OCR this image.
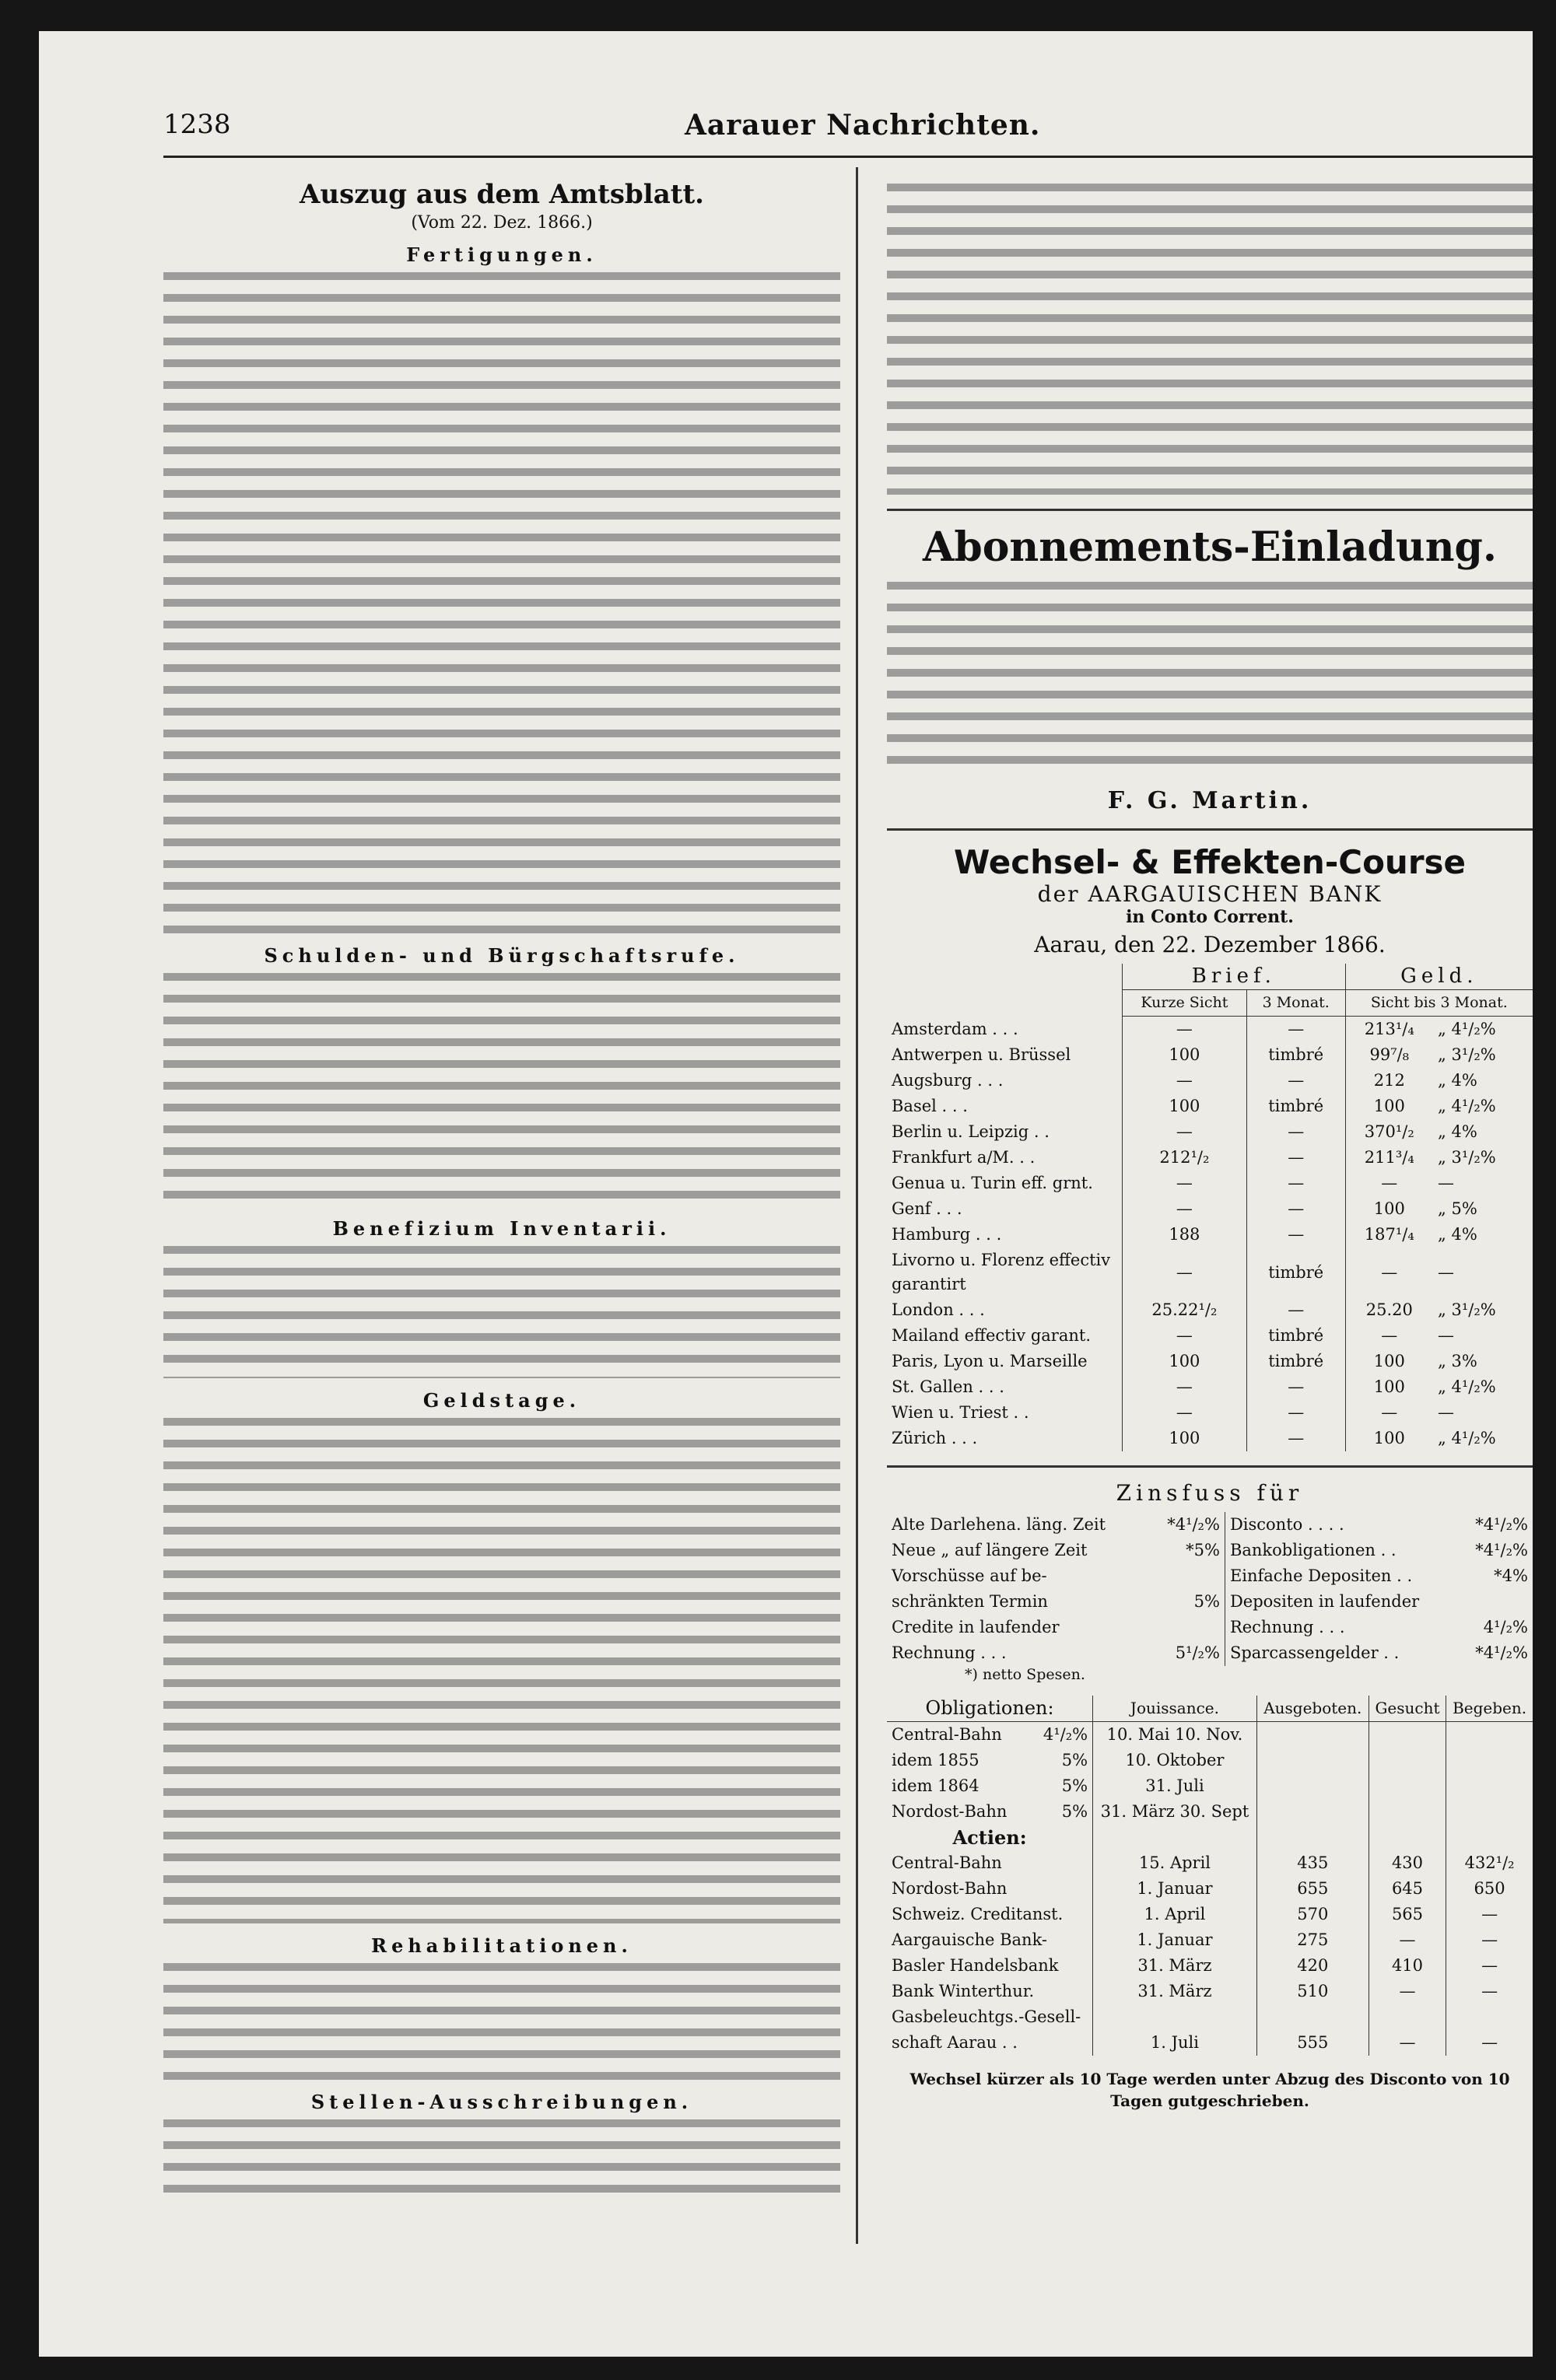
1238	Aarauer Nachrichten.
Auszug aus dem Amtsblatt.
(Vom 22. Dez. 1866.)
Fertigungen.
Schulden- und Bürgschaftsrufe.
Benefizium Inventarii.
Geldstage.
Rehabilitationen.
Stellen-Ausschreibungen.
Abonnements-Einladung.
F. G. Martin.
Wechsel- & Effekten-Course
der AARGAUISCHEN BANK
in Conto Corrent.
Aarau, den 22. Dezember 1866.
	Brief.		Geld.	
	Kurze Sicht	3 Monat.	Sicht bis 3 Monat.	
Amsterdam . . .	—	—	213¹/₄	„ 4¹/₂%
Antwerpen u. Brüssel	100	timbré	99⁷/₈	„ 3¹/₂%
Augsburg . . .	—	—	212	„ 4%
Basel . . .	100	timbré	100	„ 4¹/₂%
Berlin u. Leipzig . .	—	—	370¹/₂	„ 4%
Frankfurt a/M. . .	212¹/₂	—	211³/₄	„ 3¹/₂%
Genua u. Turin eff. grnt.	—	—	—	—
Genf . . .	—	—	100	„ 5%
Hamburg . . .	188	—	187¹/₄	„ 4%
Livorno u. Florenz effectiv garantirt	—	timbré	—	—
London . . .	25.22¹/₂	—	25.20	„ 3¹/₂%
Mailand effectiv garant.	—	timbré	—	—
Paris, Lyon u. Marseille	100	timbré	100	„ 3%
St. Gallen . . .	—	—	100	„ 4¹/₂%
Wien u. Triest . .	—	—	—	—
Zürich . . .	100	—	100	„ 4¹/₂%
Zinsfuss für
Alte Darlehena. läng. Zeit	*4¹/₂%	Disconto . . . .	*4¹/₂%
Neue „ auf längere Zeit	*5%	Bankobligationen . .	*4¹/₂%
Vorschüsse auf be-		Einfache Depositen . .	*4%
schränkten Termin	5%	Depositen in laufender	
Credite in laufender		Rechnung . . .	4¹/₂%
Rechnung . . .	5¹/₂%	Sparcassengelder . .	*4¹/₂%
*) netto Spesen.
Obligationen:	Jouissance.	Ausgeboten.	Gesucht	Begeben.
Central-Bahn 4¹/₂%	10. Mai 10. Nov.			
idem 1855 5%	10. Oktober			
idem 1864 5%	31. Juli			
Nordost-Bahn 5%	31. März 30. Sept			
Actien:				
Central-Bahn	15. April	435	430	432¹/₂
Nordost-Bahn	1. Januar	655	645	650
Schweiz. Creditanst.	1. April	570	565	—
Aargauische Bank-	1. Januar	275	—	—
Basler Handelsbank	31. März	420	410	—
Bank Winterthur.	31. März	510	—	—
Gasbeleuchtgs.-Gesell-				
schaft Aarau . .	1. Juli	555	—	—
Wechsel kürzer als 10 Tage werden unter Abzug des Disconto von 10 Tagen gutgeschrieben.
